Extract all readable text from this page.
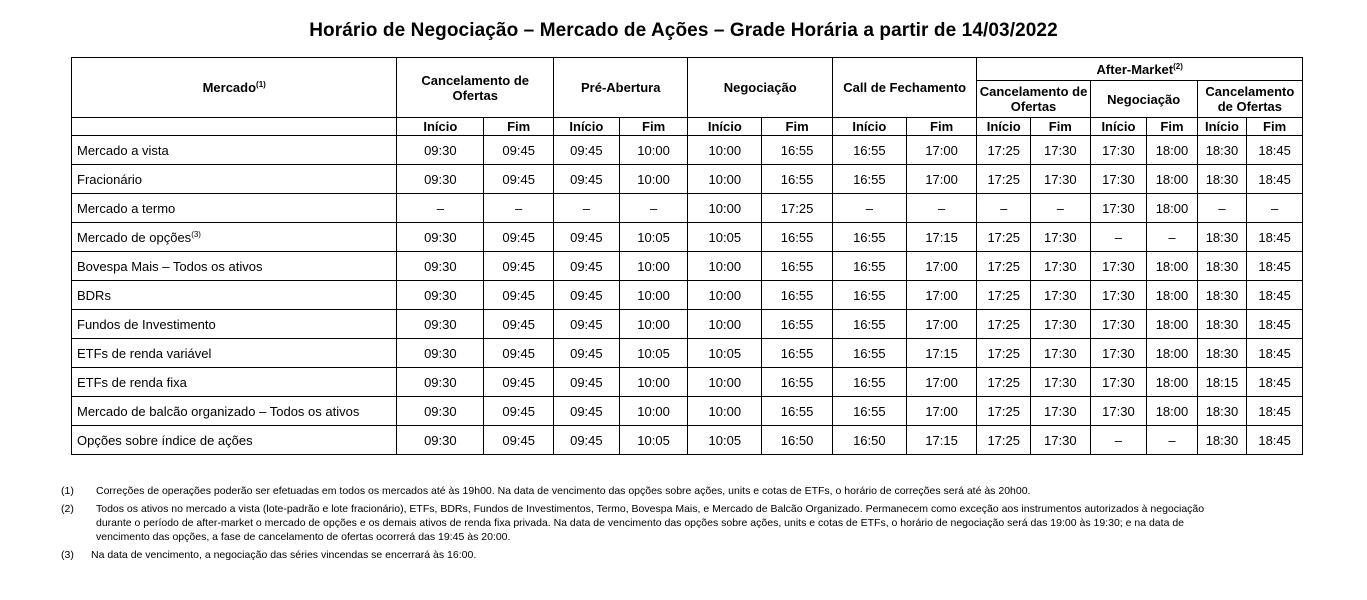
Horário de Negociação – Mercado de Ações – Grade Horária a partir de 14/03/2022
Mercado$^{(1)}$	Cancelamento de Ofertas		Pré-Abertura		Negociação		Call de Fechamento		After-Market$^{(2)}$
									Cancelamento de Ofertas		Negociação		Cancelamento de Ofertas	
	Início	Fim	Início	Fim	Início	Fim	Início	Fim	Início	Fim	Início	Fim	Início	Fim
Mercado a vista	09:30	09:45	09:45	10:00	10:00	16:55	16:55	17:00	17:25	17:30	17:30	18:00	18:30	18:45
Fracionário	09:30	09:45	09:45	10:00	10:00	16:55	16:55	17:00	17:25	17:30	17:30	18:00	18:30	18:45
Mercado a termo	–	–	–	–	10:00	17:25	–	–	–	–	17:30	18:00	–	–
Mercado de opções$^{(3)}$	09:30	09:45	09:45	10:05	10:05	16:55	16:55	17:15	17:25	17:30	–	–	18:30	18:45
Bovespa Mais – Todos os ativos	09:30	09:45	09:45	10:00	10:00	16:55	16:55	17:00	17:25	17:30	17:30	18:00	18:30	18:45
BDRs	09:30	09:45	09:45	10:00	10:00	16:55	16:55	17:00	17:25	17:30	17:30	18:00	18:30	18:45
Fundos de Investimento	09:30	09:45	09:45	10:00	10:00	16:55	16:55	17:00	17:25	17:30	17:30	18:00	18:30	18:45
ETFs de renda variável	09:30	09:45	09:45	10:05	10:05	16:55	16:55	17:15	17:25	17:30	17:30	18:00	18:30	18:45
ETFs de renda fixa	09:30	09:45	09:45	10:00	10:00	16:55	16:55	17:00	17:25	17:30	17:30	18:00	18:15	18:45
Mercado de balcão organizado – Todos os ativos	09:30	09:45	09:45	10:00	10:00	16:55	16:55	17:00	17:25	17:30	17:30	18:00	18:30	18:45
Opções sobre índice de ações	09:30	09:45	09:45	10:05	10:05	16:50	16:50	17:15	17:25	17:30	–	–	18:30	18:45
(1) Correções de operações poderão ser efetuadas em todos os mercados até às 19h00. Na data de vencimento das opções sobre ações, units e cotas de ETFs, o horário de correções será até às 20h00.
(2) Todos os ativos no mercado a vista (lote-padrão e lote fracionário), ETFs, BDRs, Fundos de Investimentos, Termo, Bovespa Mais, e Mercado de Balcão Organizado. Permanecem como exceção aos instrumentos autorizados à negociação durante o período de after-market o mercado de opções e os demais ativos de renda fixa privada. Na data de vencimento das opções sobre ações, units e cotas de ETFs, o horário de negociação será das 19:00 às 19:30; e na data de vencimento das opções, a fase de cancelamento de ofertas ocorrerá das 19:45 às 20:00.
(3) Na data de vencimento, a negociação das séries vincendas se encerrará às 16:00.
